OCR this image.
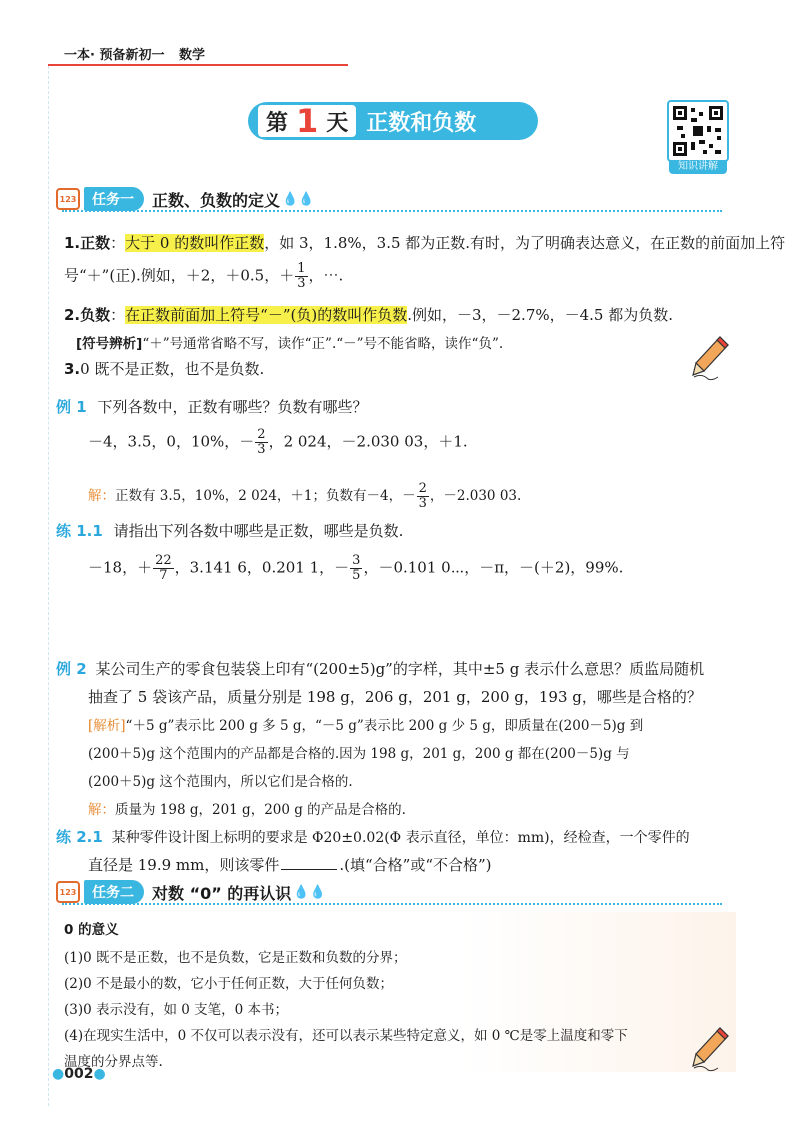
一本· 预备新初一 数学
第 1 天 正数和负数
知识讲解
123	任务一	正数、负数的定义 💧💧
1.正数：大于 0 的数叫作正数，如 3，1.8%，3.5 都为正数.有时，为了明确表达意义，在正数的前面加上符
号“＋”(正).例如，＋2，＋0.5，＋ $\frac{1}{3}$ ，⋯.
2.负数：在正数前面加上符号“－”(负)的数叫作负数.例如，－3，－2.7%，－4.5 都为负数.
[符号辨析]“＋”号通常省略不写，读作“正”.“－”号不能省略，读作“负”.
3.0 既不是正数，也不是负数.
例 1 下列各数中，正数有哪些？负数有哪些？
－4，3.5，0，10%，－ $\frac{2}{3}$ ，2 024，－2.030 03，＋1.
解：正数有 3.5，10%，2 024，＋1；负数有－4，－ $\frac{2}{3}$ ，－2.030 03.
练 1.1 请指出下列各数中哪些是正数，哪些是负数.
－18，＋ $\frac{22}{7}$ ，3.141 6，0.201 1，－ $\frac{3}{5}$ ，－0.101 0⋯，－π，－(＋2)，99%.
例 2 某公司生产的零食包装袋上印有“(200±5)g”的字样，其中±5 g 表示什么意思？质监局随机
抽查了 5 袋该产品，质量分别是 198 g，206 g，201 g，200 g，193 g，哪些是合格的？
[解析]“＋5 g”表示比 200 g 多 5 g，“－5 g”表示比 200 g 少 5 g，即质量在(200－5)g 到
(200＋5)g 这个范围内的产品都是合格的.因为 198 g，201 g，200 g 都在(200－5)g 与
(200＋5)g 这个范围内，所以它们是合格的.
解：质量为 198 g，201 g，200 g 的产品是合格的.
练 2.1 某种零件设计图上标明的要求是 Φ20±0.02(Φ 表示直径，单位：mm)，经检查，一个零件的
直径是 19.9 mm，则该零件	.(填“合格”或“不合格”)
123	任务二	对数 “0” 的再认识 💧💧
0 的意义
(1)0 既不是正数，也不是负数，它是正数和负数的分界；
(2)0 不是最小的数，它小于任何正数，大于任何负数；
(3)0 表示没有，如 0 支笔，0 本书；
(4)在现实生活中，0 不仅可以表示没有，还可以表示某些特定意义，如 0 ℃是零上温度和零下
温度的分界点等.
●002●
